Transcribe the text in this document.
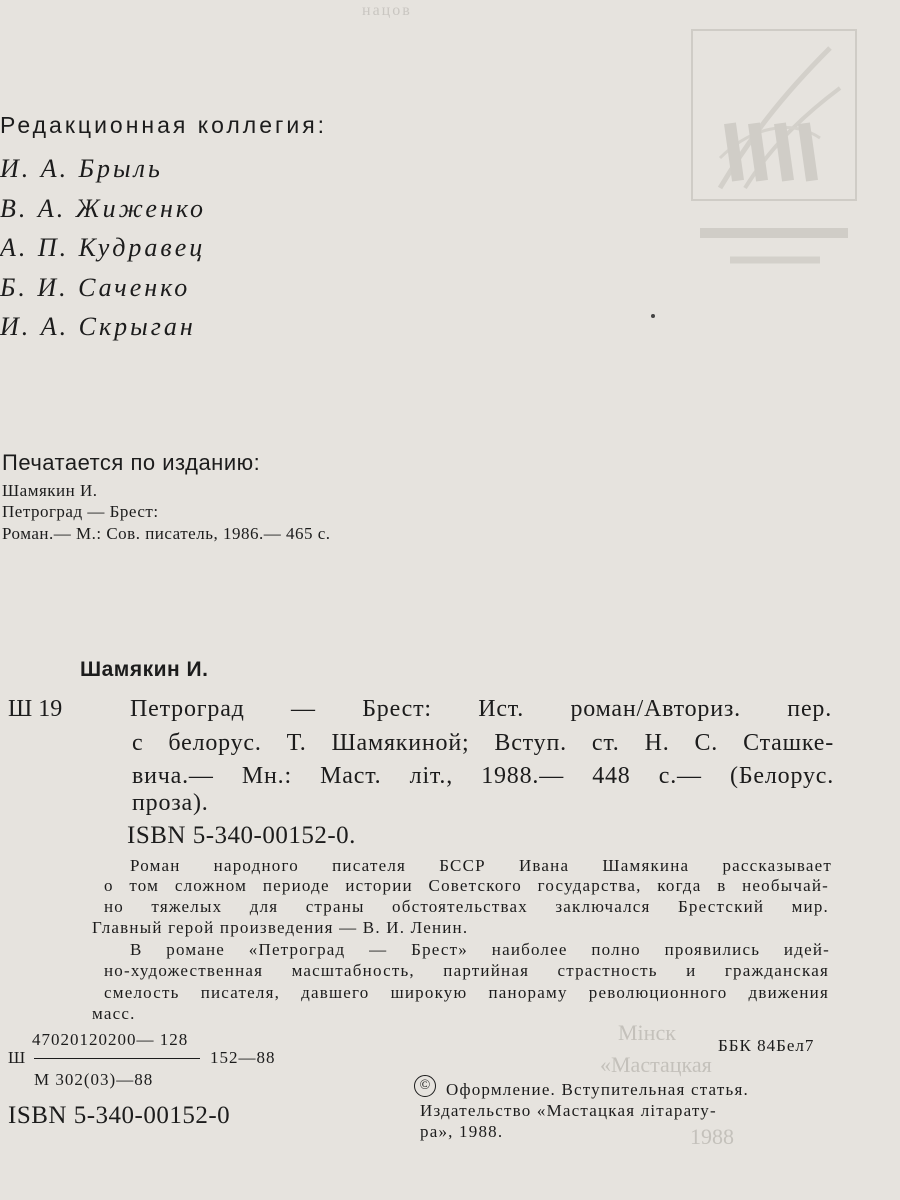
нацов
Редакционная коллегия:
И. А. Брыль
В. А. Жиженко
А. П. Кудравец
Б. И. Саченко
И. А. Скрыган
Печатается по изданию:
Шамякин И.
Петроград — Брест:
Роман.— М.: Сов. писатель, 1986.— 465 с.
Шамякин И.
Ш 19	Петроград — Брест: Ист. роман/Авториз. пер.
с белорус. Т. Шамякиной; Вступ. ст. Н. С. Сташке-
вича.— Мн.: Маст. літ., 1988.— 448 с.— (Белорус.
проза).
ISBN 5-340-00152-0.
Роман народного писателя БССР Ивана Шамякина рассказывает
о том сложном периоде истории Советского государства, когда в необычай-
но тяжелых для страны обстоятельствах заключался Брестский мир.
Главный герой произведения — В. И. Ленин.
В романе «Петроград — Брест» наиболее полно проявились идей-
но-художественная масштабность, партийная страстность и гражданская
смелость писателя, давшего широкую панораму революционного движения
масс.
Мінск
«Мастацкая
1988
47020120200— 128
Ш	152—88
М 302(03)—88
ББК 84Бел7
© Оформление. Вступительная статья.
Издательство «Мастацкая літарату-
ра», 1988.
ISBN 5-340-00152-0
